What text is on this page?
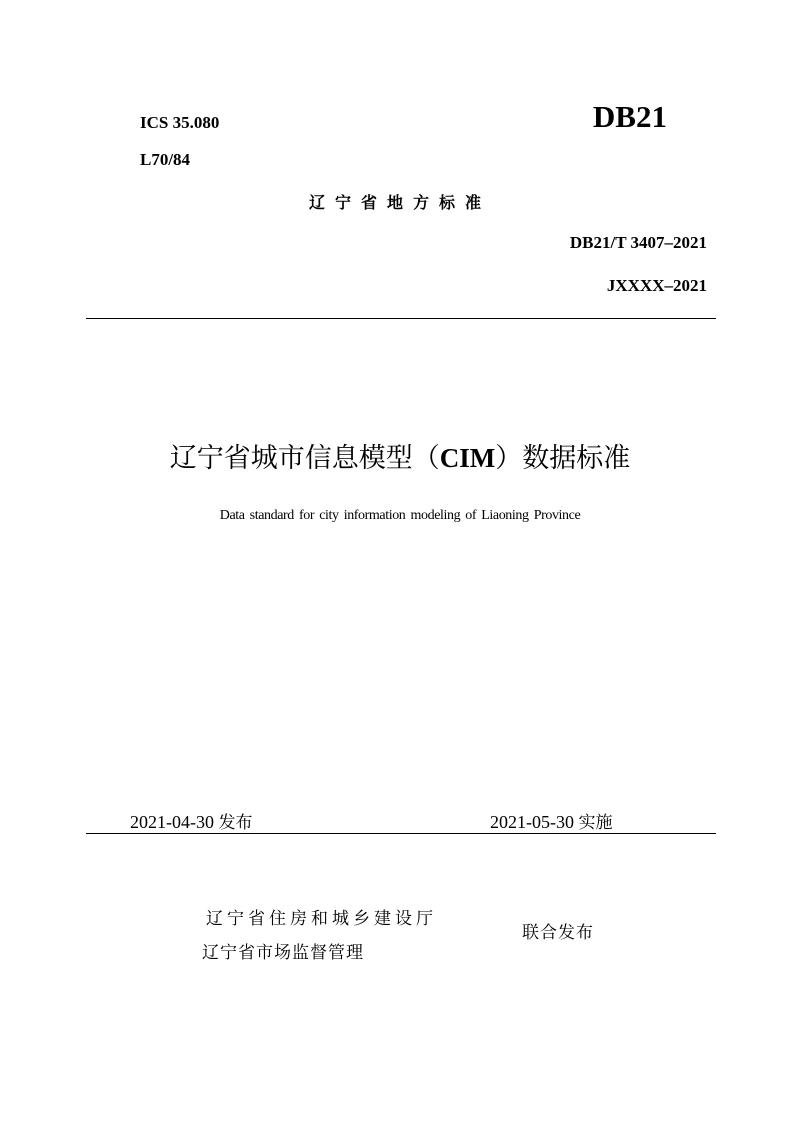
ICS 35.080
L70/84
DB21
辽宁省地方标准
DB21/T 3407–2021
JXXXX–2021
辽宁省城市信息模型（CIM）数据标准
Data standard for city information modeling of Liaoning Province
2021-04-30 发布	2021-05-30 实施
辽宁省住房和城乡建设厅
辽宁省市场监督管理
联合发布
